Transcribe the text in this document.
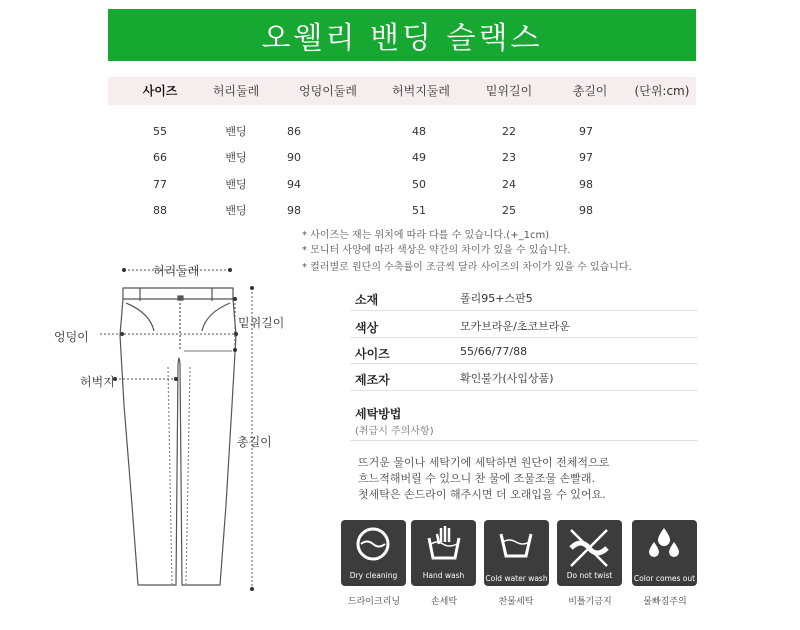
오웰리 밴딩 슬랙스
사이즈	허리둘레	엉덩이둘레	허벅지둘레	밑위길이	총길이 (단위:cm)
55	밴딩	86	48	22	97
66	밴딩	90	49	23	97
77	밴딩	94	50	24	98
88	밴딩	98	51	25	98
* 사이즈는 재는 위치에 따라 다를 수 있습니다.(+_1cm)
* 모니터 사양에 따라 색상은 약간의 차이가 있을 수 있습니다.
* 컬러별로 원단의 수축률이 조금씩 달라 사이즈의 차이가 있을 수 있습니다.
허리둘레
밑위길이
엉덩이
허벅지
총길이
소재	폴리95+스판5
색상	모카브라운/초코브라운
사이즈	55/66/77/88
제조자	확인불가(사입상품)
세탁방법
(취급시 주의사항)
뜨거운 물이나 세탁기에 세탁하면 원단이 전체적으로
흐느적해버릴 수 있으니 찬 물에 조물조물 손빨래.
첫세탁은 손드라이 해주시면 더 오래입을 수 있어요.
Dry cleaning	Hand wash	Cold water wash	Do not twist	Color comes out
드라이크리닝	손세탁	찬물세탁	비틀기금지	물빠짐주의
